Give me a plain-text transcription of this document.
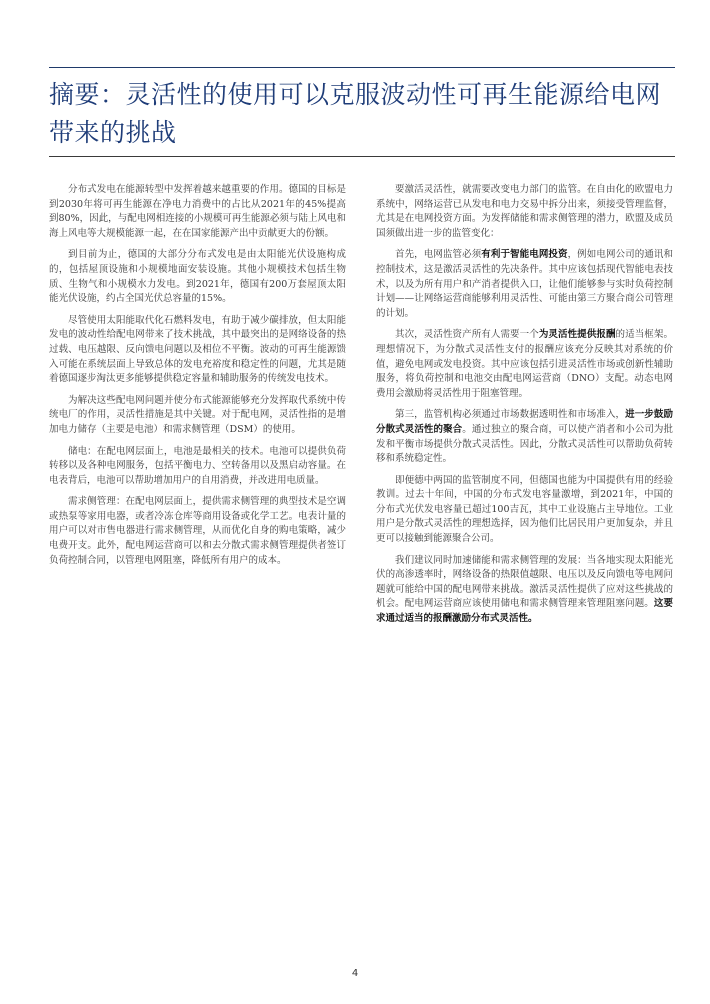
摘要：灵活性的使用可以克服波动性可再生能源给电网带来的挑战

分布式发电在能源转型中发挥着越来越重要的作用。德国的目标是到2030年将可再生能源在净电力消费中的占比从2021年的45%提高到80%，因此，与配电网相连接的小规模可再生能源必须与陆上风电和海上风电等大规模能源一起，在在国家能源产出中贡献更大的份额。

到目前为止，德国的大部分分布式发电是由太阳能光伏设施构成的，包括屋顶设施和小规模地面安装设施。其他小规模技术包括生物质、生物气和小规模水力发电。到2021年，德国有200万套屋顶太阳能光伏设施，约占全国光伏总容量的15%。

尽管使用太阳能取代化石燃料发电，有助于减少碳排放，但太阳能发电的波动性给配电网带来了技术挑战，其中最突出的是网络设备的热过载、电压越限、反向馈电问题以及相位不平衡。波动的可再生能源馈入可能在系统层面上导致总体的发电充裕度和稳定性的问题，尤其是随着德国逐步淘汰更多能够提供稳定容量和辅助服务的传统发电技术。

为解决这些配电网问题并使分布式能源能够充分发挥取代系统中传统电厂的作用，灵活性措施是其中关键。对于配电网，灵活性指的是增加电力储存（主要是电池）和需求侧管理（DSM）的使用。

储电：在配电网层面上，电池是最相关的技术。电池可以提供负荷转移以及各种电网服务，包括平衡电力、空转备用以及黑启动容量。在电表背后，电池可以帮助增加用户的自用消费，并改进用电质量。

需求侧管理：在配电网层面上，提供需求侧管理的典型技术是空调或热泵等家用电器，或者冷冻仓库等商用设备或化学工艺。电表计量的用户可以对市售电器进行需求侧管理，从而优化自身的购电策略，减少电费开支。此外，配电网运营商可以和去分散式需求侧管理提供者签订负荷控制合同，以管理电网阻塞，降低所有用户的成本。

要激活灵活性，就需要改变电力部门的监管。在自由化的欧盟电力系统中，网络运营已从发电和电力交易中拆分出来，须接受管理监督，尤其是在电网投资方面。为发挥储能和需求侧管理的潜力，欧盟及成员国须做出进一步的监管变化：

首先，电网监管必须有利于智能电网投资，例如电网公司的通讯和控制技术，这是激活灵活性的先决条件。其中应该包括现代智能电表技术，以及为所有用户和产消者提供入口，让他们能够参与实时负荷控制计划——让网络运营商能够利用灵活性、可能由第三方聚合商公司管理的计划。

其次，灵活性资产所有人需要一个为灵活性提供报酬的适当框架。理想情况下，为分散式灵活性支付的报酬应该充分反映其对系统的价值，避免电网或发电投资。其中应该包括引进灵活性市场或创新性辅助服务，将负荷控制和电池交由配电网运营商（DNO）支配。动态电网费用会激励将灵活性用于阻塞管理。

第三，监管机构必须通过市场数据透明性和市场准入，进一步鼓励分散式灵活性的聚合。通过独立的聚合商，可以使产消者和小公司为批发和平衡市场提供分散式灵活性。因此，分散式灵活性可以帮助负荷转移和系统稳定性。

即便德中两国的监管制度不同，但德国也能为中国提供有用的经验教训。过去十年间，中国的分布式发电容量激增，到2021年，中国的分布式光伏发电容量已超过100吉瓦，其中工业设施占主导地位。工业用户是分散式灵活性的理想选择，因为他们比居民用户更加复杂，并且更可以接触到能源聚合公司。

我们建议同时加速储能和需求侧管理的发展：当各地实现太阳能光伏的高渗透率时，网络设备的热限值越限、电压以及反向馈电等电网问题就可能给中国的配电网带来挑战。激活灵活性提供了应对这些挑战的机会。配电网运营商应该使用储电和需求侧管理来管理阻塞问题。这要求通过适当的报酬激励分布式灵活性。

4
